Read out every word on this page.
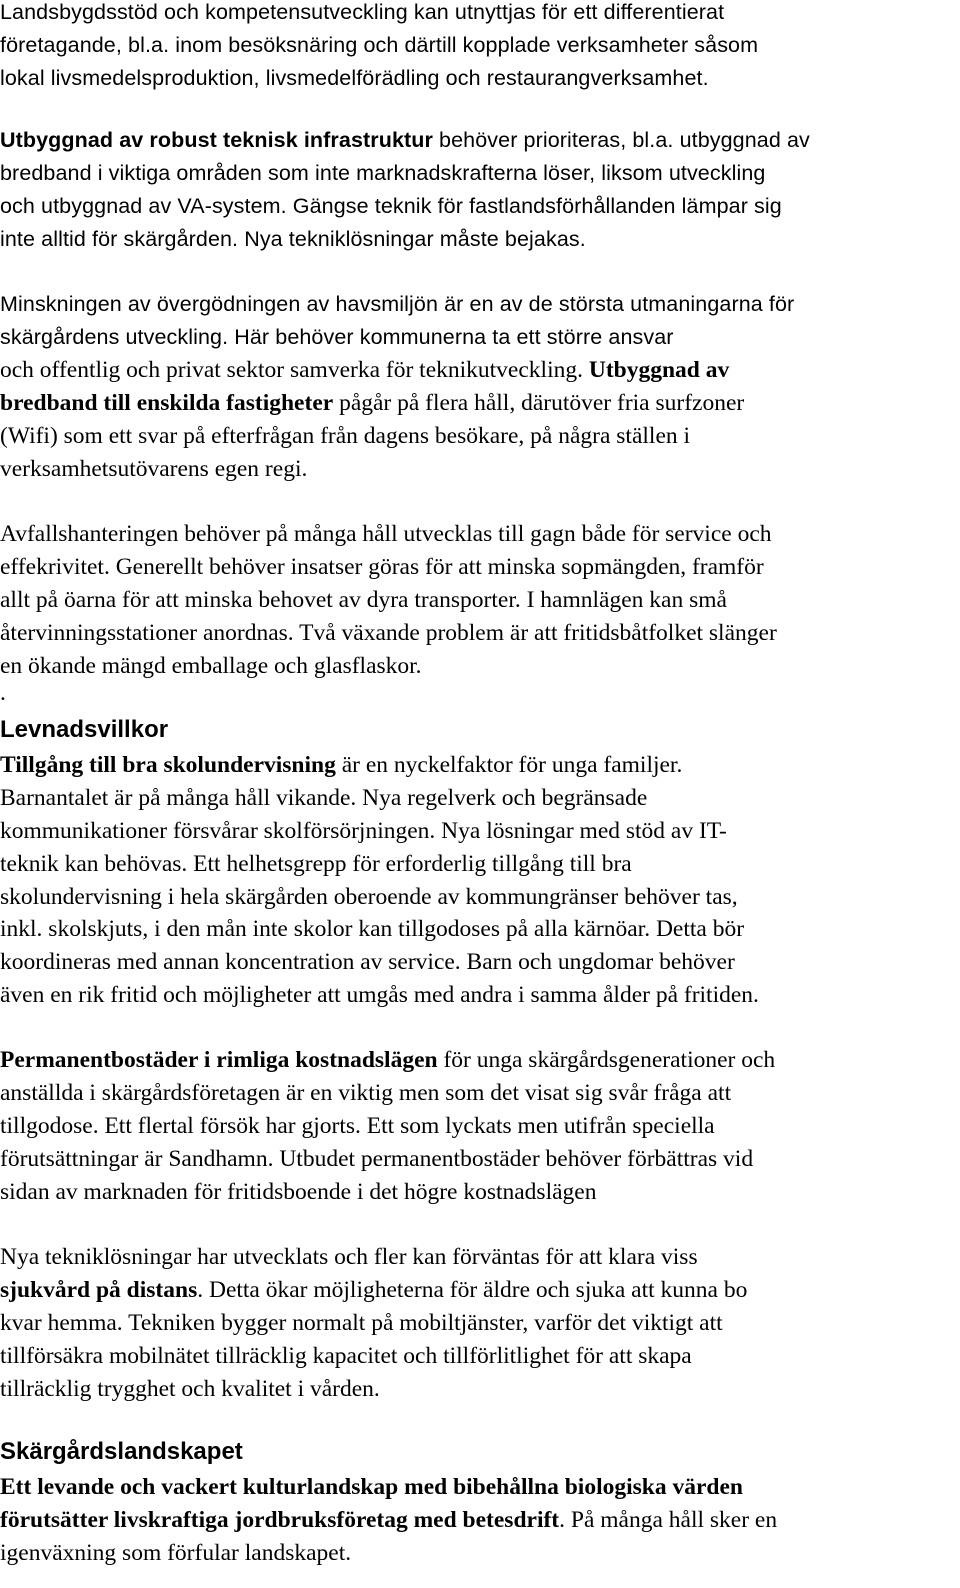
Landsbygdsstöd och kompetensutveckling kan utnyttjas för ett differentierat
företagande, bl.a. inom besöksnäring och därtill kopplade verksamheter såsom
lokal livsmedelsproduktion, livsmedelförädling och restaurangverksamhet.
Utbyggnad av robust teknisk infrastruktur behöver prioriteras, bl.a. utbyggnad av
bredband i viktiga områden som inte marknadskrafterna löser, liksom utveckling
och utbyggnad av VA-system. Gängse teknik för fastlandsförhållanden lämpar sig
inte alltid för skärgården. Nya tekniklösningar måste bejakas.
Minskningen av övergödningen av havsmiljön är en av de största utmaningarna för
skärgårdens utveckling. Här behöver kommunerna ta ett större ansvar
och offentlig och privat sektor samverka för teknikutveckling. Utbyggnad av
bredband till enskilda fastigheter pågår på flera håll, därutöver fria surfzoner
(Wifi) som ett svar på efterfrågan från dagens besökare, på några ställen i
verksamhetsutövarens egen regi.
Avfallshanteringen behöver på många håll utvecklas till gagn både för service och
effekrivitet. Generellt behöver insatser göras för att minska sopmängden, framför
allt på öarna för att minska behovet av dyra transporter. I hamnlägen kan små
återvinningsstationer anordnas. Två växande problem är att fritidsbåtfolket slänger
en ökande mängd emballage och glasflaskor.
.
Levnadsvillkor
Tillgång till bra skolundervisning är en nyckelfaktor för unga familjer.
Barnantalet är på många håll vikande. Nya regelverk och begränsade
kommunikationer försvårar skolförsörjningen. Nya lösningar med stöd av IT-
teknik kan behövas. Ett helhetsgrepp för erforderlig tillgång till bra
skolundervisning i hela skärgården oberoende av kommungränser behöver tas,
inkl. skolskjuts, i den mån inte skolor kan tillgodoses på alla kärnöar. Detta bör
koordineras med annan koncentration av service. Barn och ungdomar behöver
även en rik fritid och möjligheter att umgås med andra i samma ålder på fritiden.
Permanentbostäder i rimliga kostnadslägen för unga skärgårdsgenerationer och
anställda i skärgårdsföretagen är en viktig men som det visat sig svår fråga att
tillgodose. Ett flertal försök har gjorts. Ett som lyckats men utifrån speciella
förutsättningar är Sandhamn. Utbudet permanentbostäder behöver förbättras vid
sidan av marknaden för fritidsboende i det högre kostnadslägen
Nya tekniklösningar har utvecklats och fler kan förväntas för att klara viss
sjukvård på distans. Detta ökar möjligheterna för äldre och sjuka att kunna bo
kvar hemma. Tekniken bygger normalt på mobiltjänster, varför det viktigt att
tillförsäkra mobilnätet tillräcklig kapacitet och tillförlitlighet för att skapa
tillräcklig trygghet och kvalitet i vården.
Skärgårdslandskapet
Ett levande och vackert kulturlandskap med bibehållna biologiska värden
förutsätter livskraftiga jordbruksföretag med betesdrift. På många håll sker en
igenväxning som förfular landskapet.
